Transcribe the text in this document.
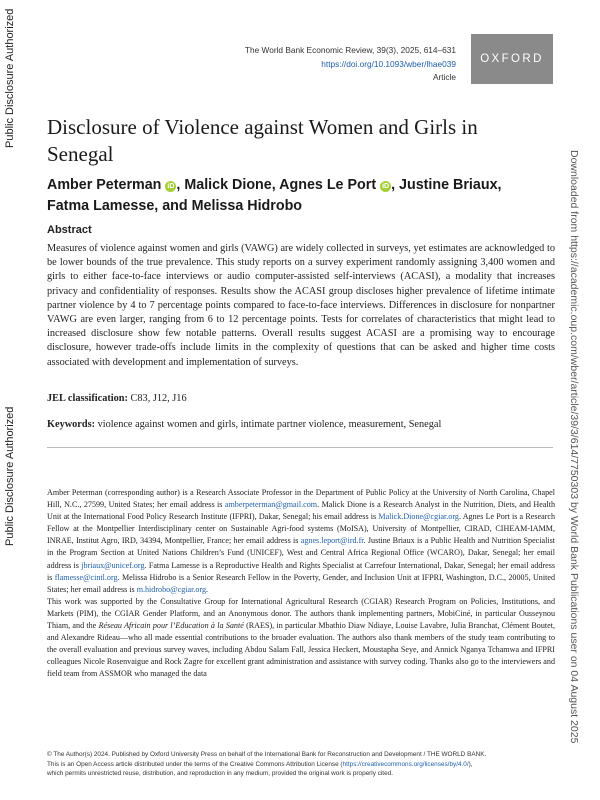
Public Disclosure Authorized
Public Disclosure Authorized	Downloaded from https://academic.oup.com/wber/article/39/3/614/7750303 by World Bank Publications user on 04 August 2025
The World Bank Economic Review, 39(3), 2025, 614–631
https://doi.org/10.1093/wber/lhae039
Article
OXFORD
Disclosure of Violence against Women and Girls in Senegal
Amber Peterman iD , Malick Dione, Agnes Le Port iD , Justine Briaux,
Fatma Lamesse, and Melissa Hidrobo
Abstract

Measures of violence against women and girls (VAWG) are widely collected in surveys, yet estimates are acknowledged to be lower bounds of the true prevalence. This study reports on a survey experiment randomly assigning 3,400 women and girls to either face-to-face interviews or audio computer-assisted self-interviews (ACASI), a modality that increases privacy and confidentiality of responses. Results show the ACASI group discloses higher prevalence of lifetime intimate partner violence by 4 to 7 percentage points compared to face-to-face interviews. Differences in disclosure for nonpartner VAWG are even larger, ranging from 6 to 12 percentage points. Tests for correlates of characteristics that might lead to increased disclosure show few notable patterns. Overall results suggest ACASI are a promising way to encourage disclosure, however trade-offs include limits in the complexity of questions that can be asked and higher time costs associated with development and implementation of surveys.

JEL classification: C83, J12, J16
Keywords: violence against women and girls, intimate partner violence, measurement, Senegal

Amber Peterman (corresponding author) is a Research Associate Professor in the Department of Public Policy at the University of North Carolina, Chapel Hill, N.C., 27599, United States; her email address is amberpeterman@gmail.com. Malick Dione is a Research Analyst in the Nutrition, Diets, and Health Unit at the International Food Policy Research Institute (IFPRI), Dakar, Senegal; his email address is Malick.Dione@cgiar.org. Agnes Le Port is a Research Fellow at the Montpellier Interdisciplinary center on Sustainable Agri-food systems (MoISA), University of Montpellier, CIRAD, CIHEAM-IAMM, INRAE, Institut Agro, IRD, 34394, Montpellier, France; her email address is agnes.leport@ird.fr. Justine Briaux is a Public Health and Nutrition Specialist in the Program Section at United Nations Children’s Fund (UNICEF), West and Central Africa Regional Office (WCARO), Dakar, Senegal; her email address is jbriaux@unicef.org. Fatma Lamesse is a Reproductive Health and Rights Specialist at Carrefour International, Dakar, Senegal; her email address is flamesse@cintl.org. Melissa Hidrobo is a Senior Research Fellow in the Poverty, Gender, and Inclusion Unit at IFPRI, Washington, D.C., 20005, United States; her email address is m.hidrobo@cgiar.org.
This work was supported by the Consultative Group for International Agricultural Research (CGIAR) Research Program on Policies, Institutions, and Markets (PIM), the CGIAR Gender Platform, and an Anonymous donor. The authors thank implementing partners, MobiCiné, in particular Ousseynou Thiam, and the Réseau Africain pour l’Education à la Santé (RAES), in particular Mbathio Diaw Ndiaye, Louise Lavabre, Julia Branchat, Clément Boutet, and Alexandre Rideau—who all made essential contributions to the broader evaluation. The authors also thank members of the study team contributing to the overall evaluation and previous survey waves, including Abdou Salam Fall, Jessica Heckert, Moustapha Seye, and Annick Nganya Tchamwa and IFPRI colleagues Nicole Rosenvaigue and Rock Zagre for excellent grant administration and assistance with survey coding. Thanks also go to the interviewers and field team from ASSMOR who managed the data

© The Author(s) 2024. Published by Oxford University Press on behalf of the International Bank for Reconstruction and Development / THE WORLD BANK.
This is an Open Access article distributed under the terms of the Creative Commons Attribution License (https://creativecommons.org/licenses/by/4.0/),
which permits unrestricted reuse, distribution, and reproduction in any medium, provided the original work is properly cited.
